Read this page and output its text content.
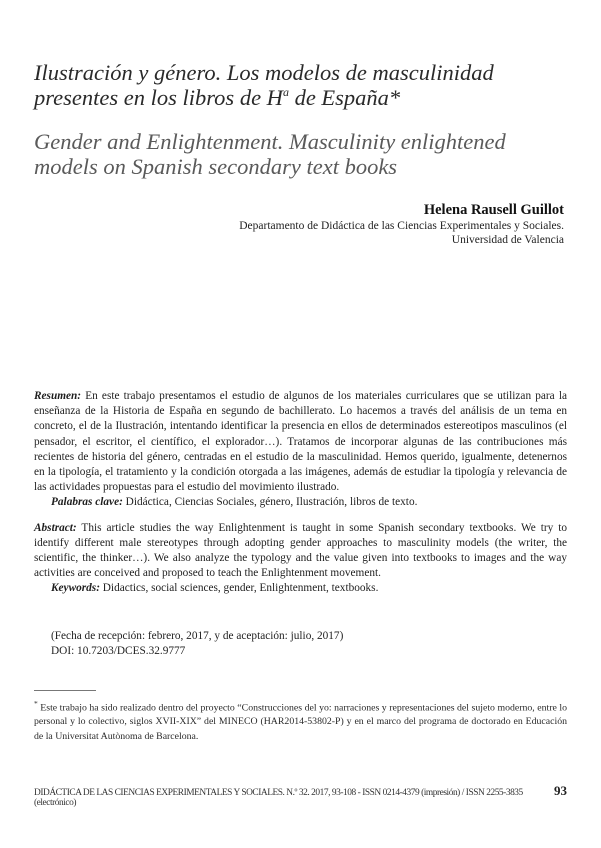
Ilustración y género. Los modelos de masculinidad presentes en los libros de $H^a$ de España*
Gender and Enlightenment. Masculinity enlightened models on Spanish secondary text books
Helena Rausell Guillot
Departamento de Didáctica de las Ciencias Experimentales y Sociales.
Universidad de Valencia

Resumen: En este trabajo presentamos el estudio de algunos de los materiales curriculares que se utilizan para la enseñanza de la Historia de España en segundo de bachillerato. Lo hacemos a través del análisis de un tema en concreto, el de la Ilustración, intentando identificar la presencia en ellos de determinados estereotipos masculinos (el pensador, el escritor, el científico, el explorador…). Tratamos de incorporar algunas de las contribuciones más recientes de historia del género, centradas en el estudio de la masculinidad. Hemos querido, igualmente, detenernos en la tipología, el tratamiento y la condición otorgada a las imágenes, además de estudiar la tipología y relevancia de las actividades propuestas para el estudio del movimiento ilustrado.

Palabras clave: Didáctica, Ciencias Sociales, género, Ilustración, libros de texto.

Abstract: This article studies the way Enlightenment is taught in some Spanish secondary textbooks. We try to identify different male stereotypes through adopting gender approaches to masculinity models (the writer, the scientific, the thinker…). We also analyze the typology and the value given into textbooks to images and the way activities are conceived and proposed to teach the Enlightenment movement.

Keywords: Didactics, social sciences, gender, Enlightenment, textbooks.

(Fecha de recepción: febrero, 2017, y de aceptación: julio, 2017)
DOI: 10.7203/DCES.32.9777
* Este trabajo ha sido realizado dentro del proyecto “Construcciones del yo: narraciones y representaciones del sujeto moderno, entre lo personal y lo colectivo, siglos XVII-XIX” del MINECO (HAR2014-53802-P) y en el marco del programa de doctorado en Educación de la Universitat Autònoma de Barcelona.
DIDÁCTICA DE LAS CIENCIAS EXPERIMENTALES Y SOCIALES. N.º 32. 2017, 93-108 - ISSN 0214-4379 (impresión) / ISSN 2255-3835 (electrónico)
93
